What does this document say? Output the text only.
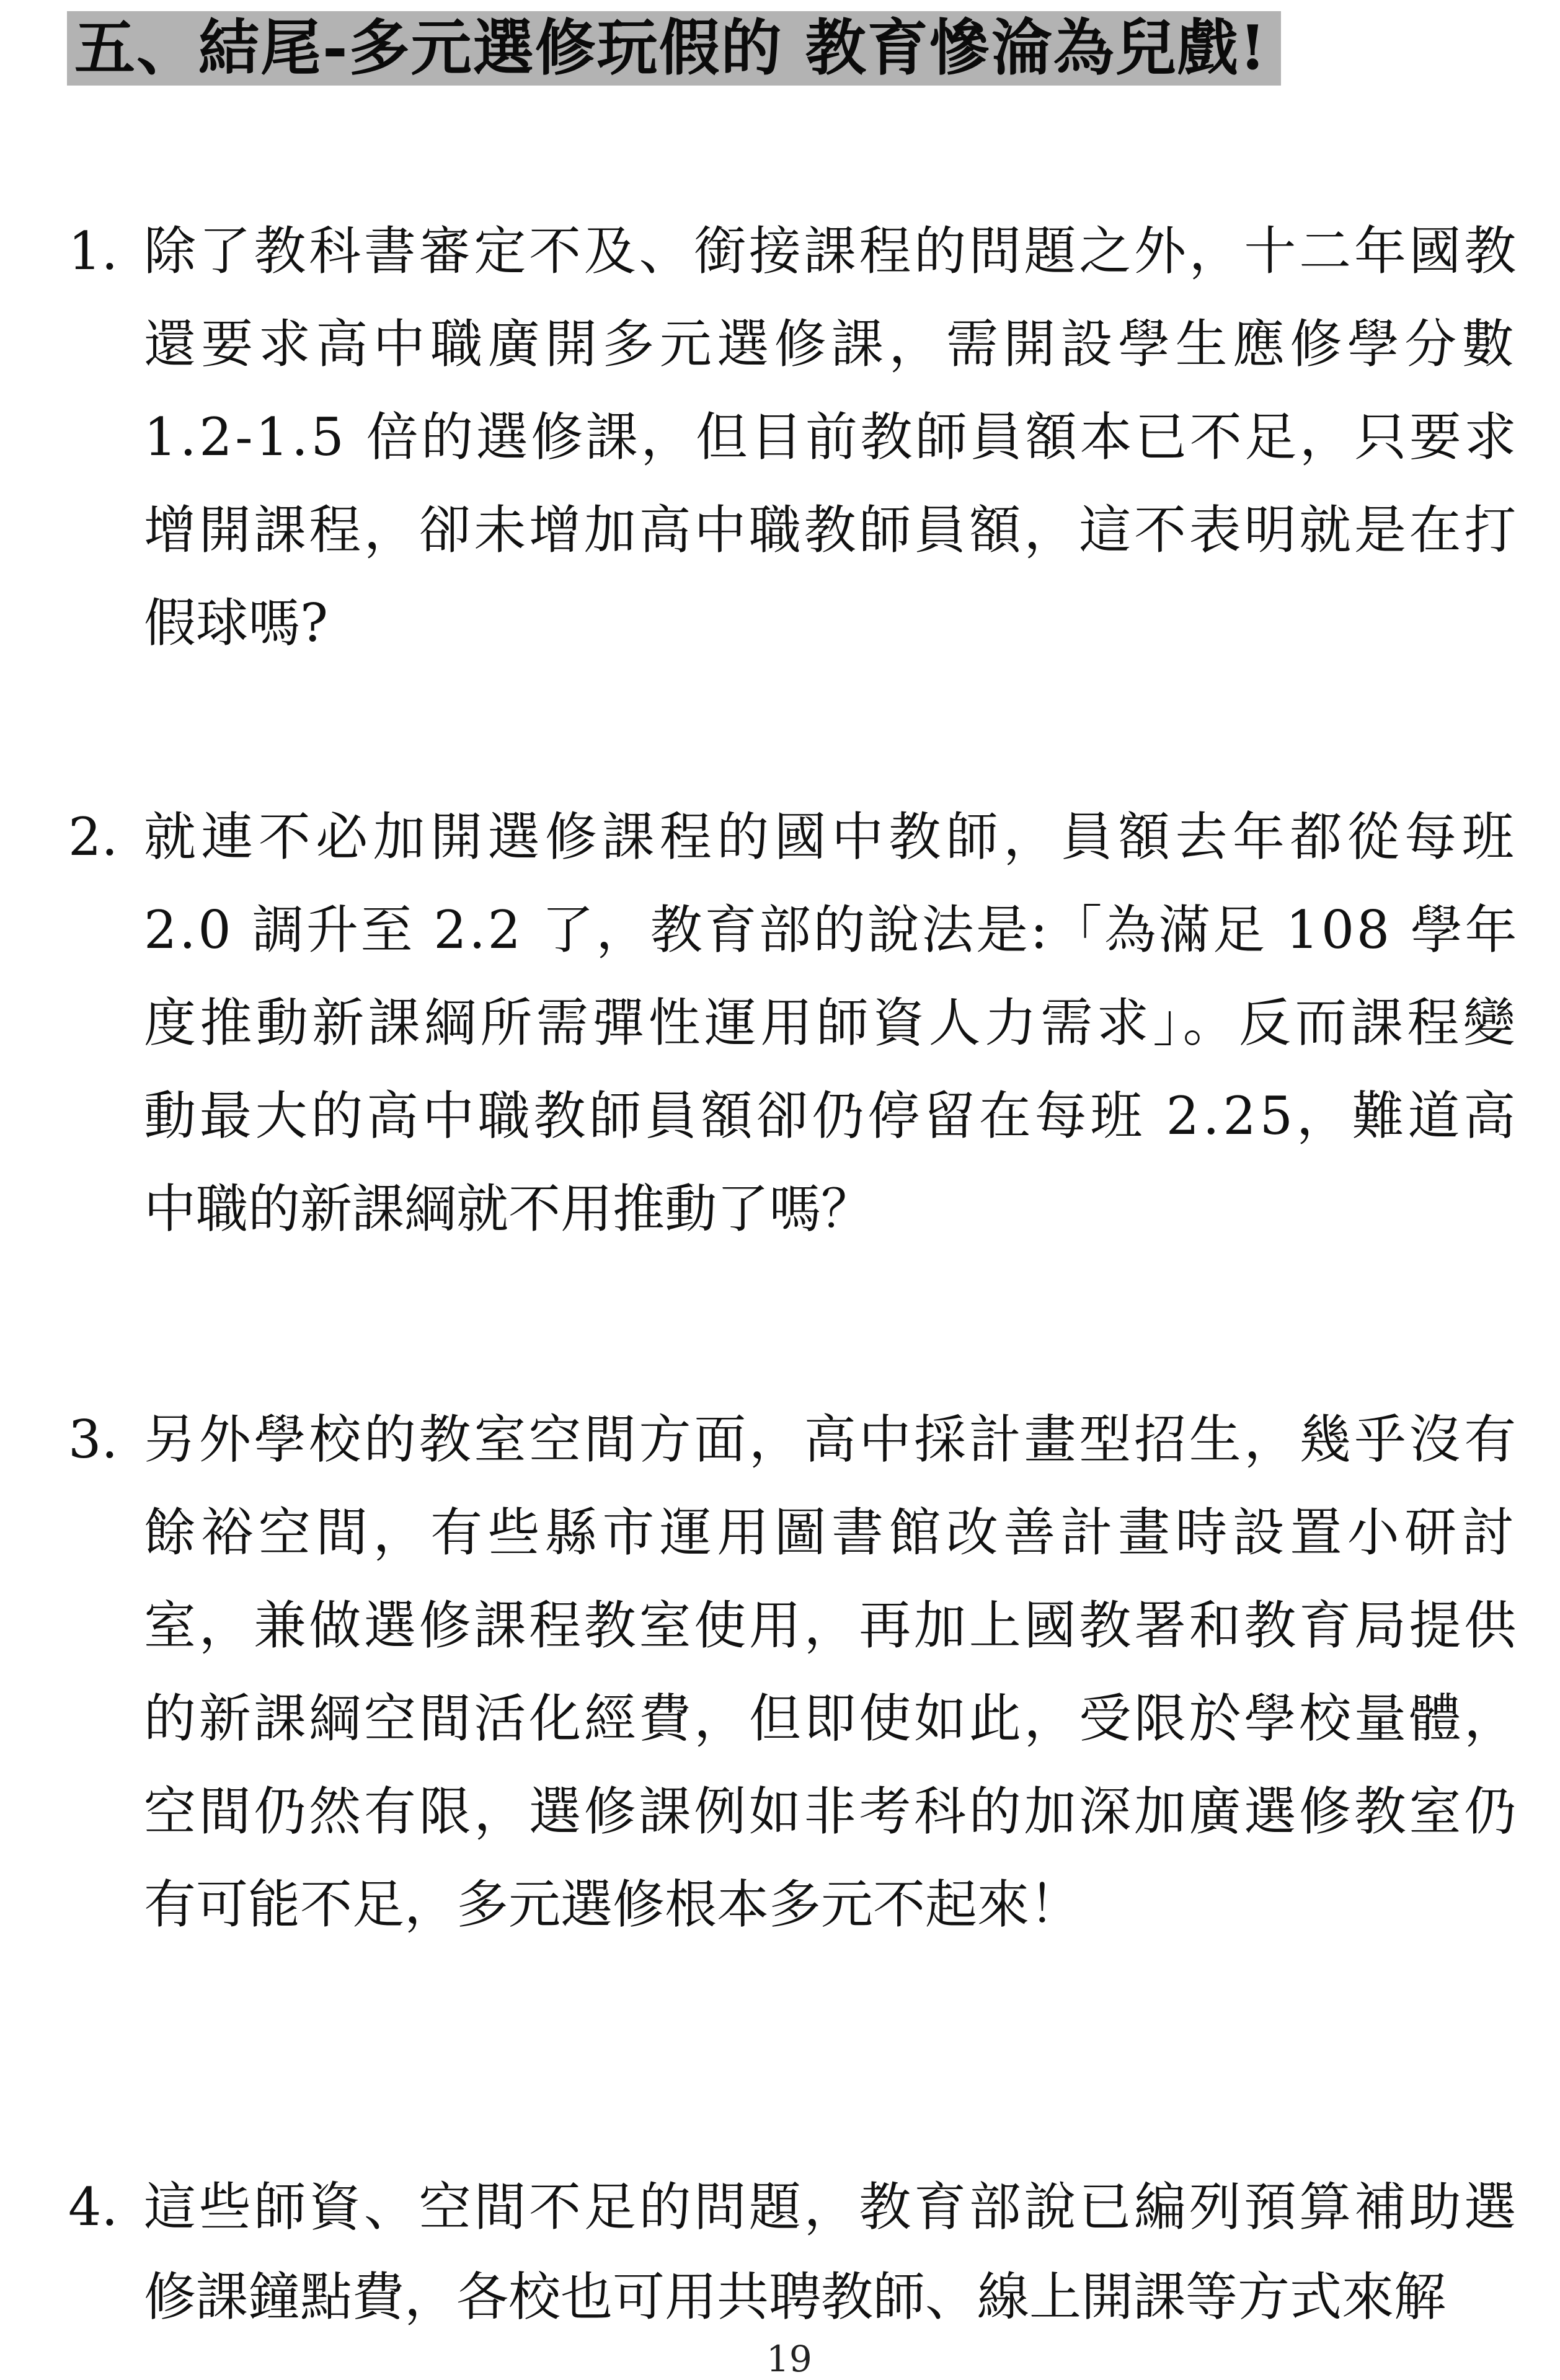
五、結尾-多元選修玩假的 教育慘淪為兒戲!
1. 除了教科書審定不及、銜接課程的問題之外，十二年國教
還要求高中職廣開多元選修課，需開設學生應修學分數
1.2-1.5 倍的選修課，但目前教師員額本已不足，只要求
增開課程，卻未增加高中職教師員額，這不表明就是在打
假球嗎?
2. 就連不必加開選修課程的國中教師，員額去年都從每班
2.0 調升至 2.2 了，教育部的說法是:「為滿足 108 學年
度推動新課綱所需彈性運用師資人力需求」。反而課程變
動最大的高中職教師員額卻仍停留在每班 2.25，難道高
中職的新課綱就不用推動了嗎？
3. 另外學校的教室空間方面，高中採計畫型招生，幾乎沒有
餘裕空間，有些縣市運用圖書館改善計畫時設置小研討
室，兼做選修課程教室使用，再加上國教署和教育局提供
的新課綱空間活化經費，但即使如此，受限於學校量體，
空間仍然有限，選修課例如非考科的加深加廣選修教室仍
有可能不足，多元選修根本多元不起來！
4. 這些師資、空間不足的問題，教育部說已編列預算補助選
修課鐘點費，各校也可用共聘教師、線上開課等方式來解
19
